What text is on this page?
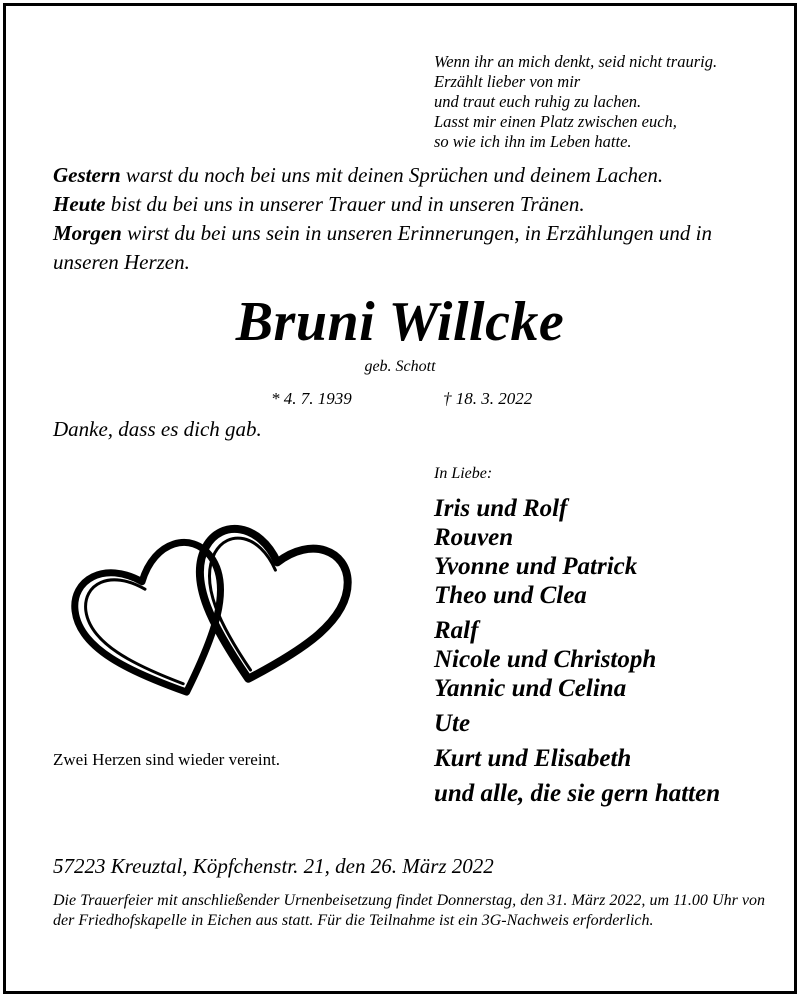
Wenn ihr an mich denkt, seid nicht traurig.
Erzählt lieber von mir
und traut euch ruhig zu lachen.
Lasst mir einen Platz zwischen euch,
so wie ich ihn im Leben hatte.

Gestern warst du noch bei uns mit deinen Sprüchen und deinem Lachen.

Heute bist du bei uns in unserer Trauer und in unseren Tränen.

Morgen wirst du bei uns sein in unseren Erinnerungen, in Erzählungen und in unseren Herzen.

Bruni Willcke
geb. Schott
* 4. 7. 1939	† 18. 3. 2022
Danke, dass es dich gab.
Zwei Herzen sind wieder vereint.
In Liebe:
Iris und Rolf
Rouven
Yvonne und Patrick
Theo und Clea
Ralf
Nicole und Christoph
Yannic und Celina
Ute
Kurt und Elisabeth
und alle, die sie gern hatten
57223 Kreuztal, Köpfchenstr. 21, den 26. März 2022
Die Trauerfeier mit anschließender Urnenbeisetzung findet Donnerstag, den 31. März 2022, um 11.00 Uhr von der Friedhofskapelle in Eichen aus statt. Für die Teilnahme ist ein 3G-Nachweis erforderlich.
